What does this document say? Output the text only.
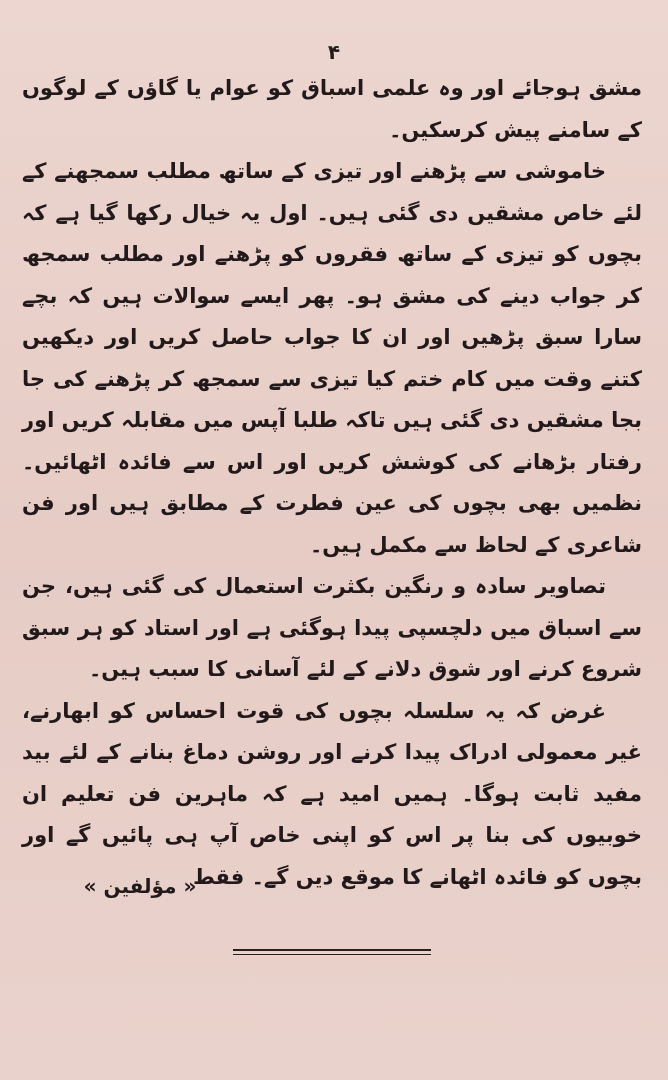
۴

مشق ہوجائے اور وہ علمی اسباق کو عوام یا گاؤں کے لوگوں کے سامنے پیش کرسکیں۔

خاموشی سے پڑھنے اور تیزی کے ساتھ مطلب سمجھنے کے لئے خاص مشقیں دی گئی ہیں۔ اول یہ خیال رکھا گیا ہے کہ بچوں کو تیزی کے ساتھ فقروں کو پڑھنے اور مطلب سمجھ کر جواب دینے کی مشق ہو۔ پھر ایسے سوالات ہیں کہ بچے سارا سبق پڑھیں اور ان کا جواب حاصل کریں اور دیکھیں کتنے وقت میں کام ختم کیا تیزی سے سمجھ کر پڑھنے کی جا بجا مشقیں دی گئی ہیں تاکہ طلبا آپس میں مقابلہ کریں اور رفتار بڑھانے کی کوشش کریں اور اس سے فائدہ اٹھائیں۔ نظمیں بھی بچوں کی عین فطرت کے مطابق ہیں اور فن شاعری کے لحاظ سے مکمل ہیں۔

تصاویر سادہ و رنگین بکثرت استعمال کی گئی ہیں، جن سے اسباق میں دلچسپی پیدا ہوگئی ہے اور استاد کو ہر سبق شروع کرنے اور شوق دلانے کے لئے آسانی کا سبب ہیں۔

غرض کہ یہ سلسلہ بچوں کی قوت احساس کو ابھارنے، غیر معمولی ادراک پیدا کرنے اور روشن دماغ بنانے کے لئے بید مفید ثابت ہوگا۔ ہمیں امید ہے کہ ماہرین فن تعلیم ان خوبیوں کی بنا پر اس کو اپنی خاص آپ ہی پائیں گے اور بچوں کو فائدہ اٹھانے کا موقع دیں گے۔ فقط

« مؤلفین »
